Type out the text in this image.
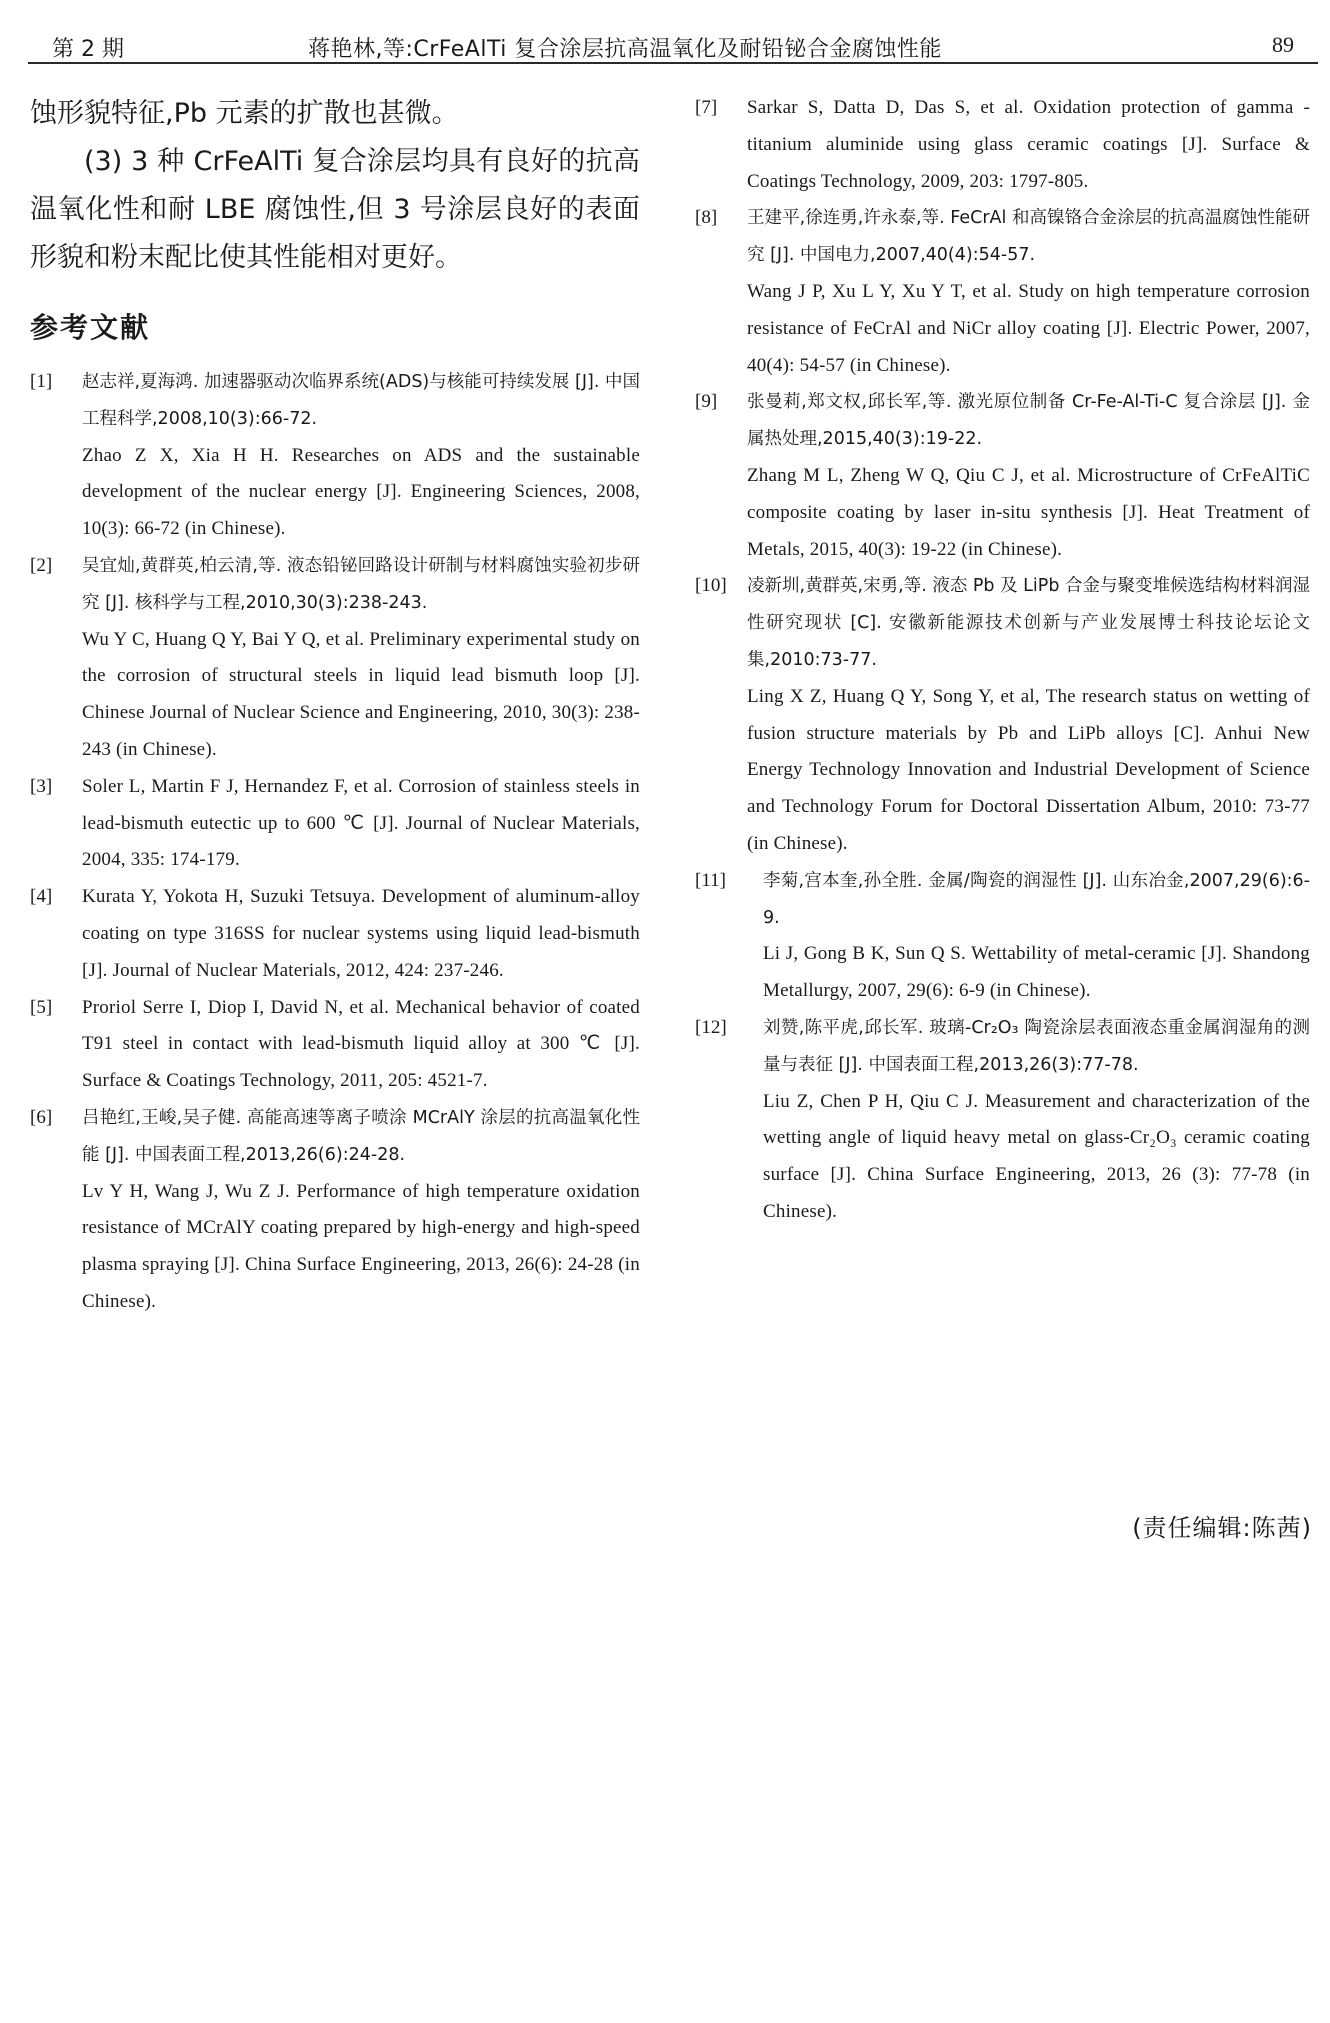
第 2 期	蒋艳林,等:CrFeAlTi 复合涂层抗高温氧化及耐铅铋合金腐蚀性能	89

蚀形貌特征,Pb 元素的扩散也甚微。

(3) 3 种 CrFeAlTi 复合涂层均具有良好的抗高温氧化性和耐 LBE 腐蚀性,但 3 号涂层良好的表面形貌和粉末配比使其性能相对更好。

参考文献
[1] 赵志祥,夏海鸿. 加速器驱动次临界系统(ADS)与核能可持续发展 [J]. 中国工程科学,2008,10(3):66-72.

Zhao Z X, Xia H H. Researches on ADS and the sustainable development of the nuclear energy [J]. Engineering Sciences, 2008, 10(3): 66-72 (in Chinese).

[2] 吴宜灿,黄群英,柏云清,等. 液态铅铋回路设计研制与材料腐蚀实验初步研究 [J]. 核科学与工程,2010,30(3):238-243.

Wu Y C, Huang Q Y, Bai Y Q, et al. Preliminary experimental study on the corrosion of structural steels in liquid lead bismuth loop [J]. Chinese Journal of Nuclear Science and Engineering, 2010, 30(3): 238-243 (in Chinese).

[3] Soler L, Martin F J, Hernandez F, et al. Corrosion of stainless steels in lead-bismuth eutectic up to 600 ℃ [J]. Journal of Nuclear Materials, 2004, 335: 174-179.

[4] Kurata Y, Yokota H, Suzuki Tetsuya. Development of aluminum-alloy coating on type 316SS for nuclear systems using liquid lead-bismuth [J]. Journal of Nuclear Materials, 2012, 424: 237-246.

[5] Proriol Serre I, Diop I, David N, et al. Mechanical behavior of coated T91 steel in contact with lead-bismuth liquid alloy at 300 ℃ [J]. Surface & Coatings Technology, 2011, 205: 4521-7.

[6] 吕艳红,王峻,吴子健. 高能高速等离子喷涂 MCrAlY 涂层的抗高温氧化性能 [J]. 中国表面工程,2013,26(6):24-28.

Lv Y H, Wang J, Wu Z J. Performance of high temperature oxidation resistance of MCrAlY coating prepared by high-energy and high-speed plasma spraying [J]. China Surface Engineering, 2013, 26(6): 24-28 (in Chinese).

[7] Sarkar S, Datta D, Das S, et al. Oxidation protection of gamma - titanium aluminide using glass ceramic coatings [J]. Surface & Coatings Technology, 2009, 203: 1797-805.

[8] 王建平,徐连勇,许永泰,等. FeCrAl 和高镍铬合金涂层的抗高温腐蚀性能研究 [J]. 中国电力,2007,40(4):54-57.

Wang J P, Xu L Y, Xu Y T, et al. Study on high temperature corrosion resistance of FeCrAl and NiCr alloy coating [J]. Electric Power, 2007, 40(4): 54-57 (in Chinese).

[9] 张曼莉,郑文权,邱长军,等. 激光原位制备 Cr-Fe-Al-Ti-C 复合涂层 [J]. 金属热处理,2015,40(3):19-22.

Zhang M L, Zheng W Q, Qiu C J, et al. Microstructure of CrFeAlTiC composite coating by laser in-situ synthesis [J]. Heat Treatment of Metals, 2015, 40(3): 19-22 (in Chinese).

[10] 凌新圳,黄群英,宋勇,等. 液态 Pb 及 LiPb 合金与聚变堆候选结构材料润湿性研究现状 [C]. 安徽新能源技术创新与产业发展博士科技论坛论文集,2010:73-77.

Ling X Z, Huang Q Y, Song Y, et al, The research status on wetting of fusion structure materials by Pb and LiPb alloys [C]. Anhui New Energy Technology Innovation and Industrial Development of Science and Technology Forum for Doctoral Dissertation Album, 2010: 73-77 (in Chinese).

[11] 李菊,宫本奎,孙全胜. 金属/陶瓷的润湿性 [J]. 山东冶金,2007,29(6):6-9.

Li J, Gong B K, Sun Q S. Wettability of metal-ceramic [J]. Shandong Metallurgy, 2007, 29(6): 6-9 (in Chinese).

[12] 刘赞,陈平虎,邱长军. 玻璃-Cr₂O₃ 陶瓷涂层表面液态重金属润湿角的测量与表征 [J]. 中国表面工程,2013,26(3):77-78.

Liu Z, Chen P H, Qiu C J. Measurement and characterization of the wetting angle of liquid heavy metal on glass-Cr₂O₃ ceramic coating surface [J]. China Surface Engineering, 2013, 26 (3): 77-78 (in Chinese).

(责任编辑:陈茜)
